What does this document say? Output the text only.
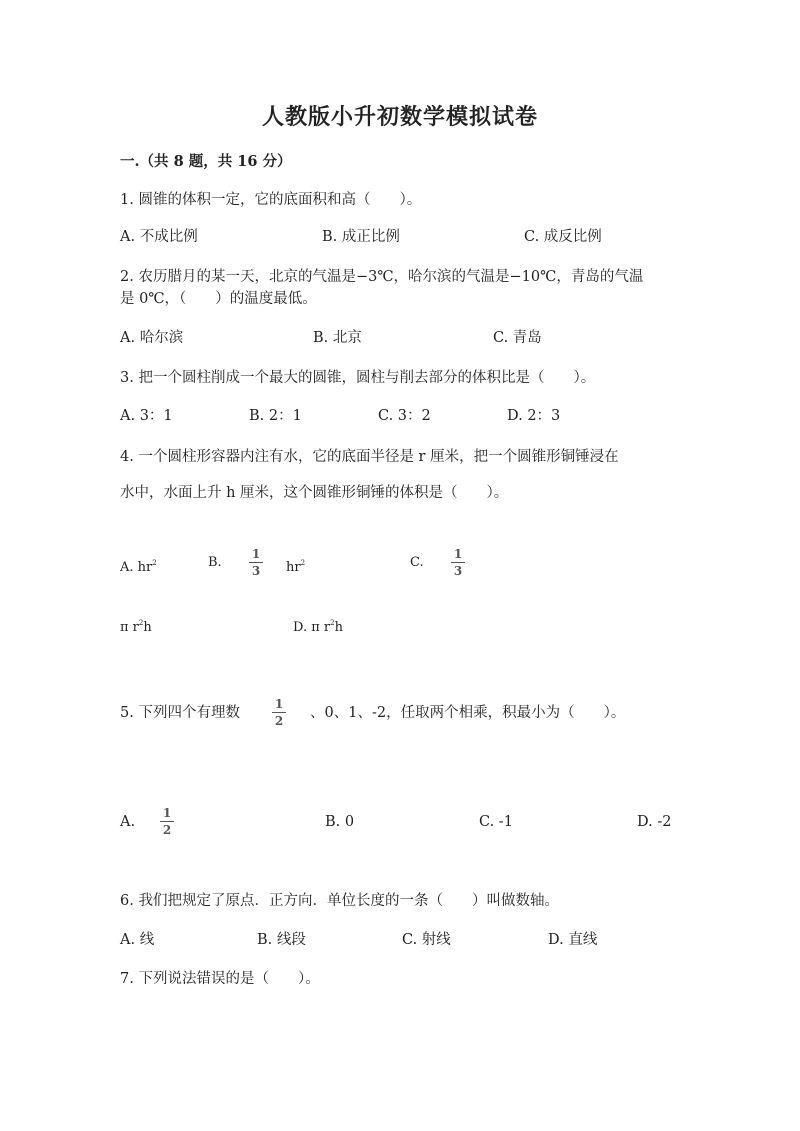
人教版小升初数学模拟试卷
一.（共 8 题，共 16 分）
1. 圆锥的体积一定，它的底面积和高（　　）。
A. 不成比例	B. 成正比例	C. 成反比例
2. 农历腊月的某一天，北京的气温是−3℃，哈尔滨的气温是−10℃，青岛的气温
是 0℃，（　　）的温度最低。
A. 哈尔滨	B. 北京	C. 青岛
3. 把一个圆柱削成一个最大的圆锥，圆柱与削去部分的体积比是（　　）。
A. 3：1	B. 2：1	C. 3：2	D. 2：3
4. 一个圆柱形容器内注有水，它的底面半径是 r 厘米，把一个圆锥形铜锤浸在
水中，水面上升 h 厘米，这个圆锥形铜锤的体积是（　　）。
A. $hr^2$	B.
1
3 $hr^2$	C.
1
3
π $r^2h$	D. π $r^2h$
5. 下列四个有理数
1
2 、0、1、-2，任取两个相乘，积最小为（　　）。
A.
1
2	B. 0	C. -1	D. -2
6. 我们把规定了原点．正方向．单位长度的一条（　　）叫做数轴。
A. 线	B. 线段	C. 射线	D. 直线
7. 下列说法错误的是（　　）。
